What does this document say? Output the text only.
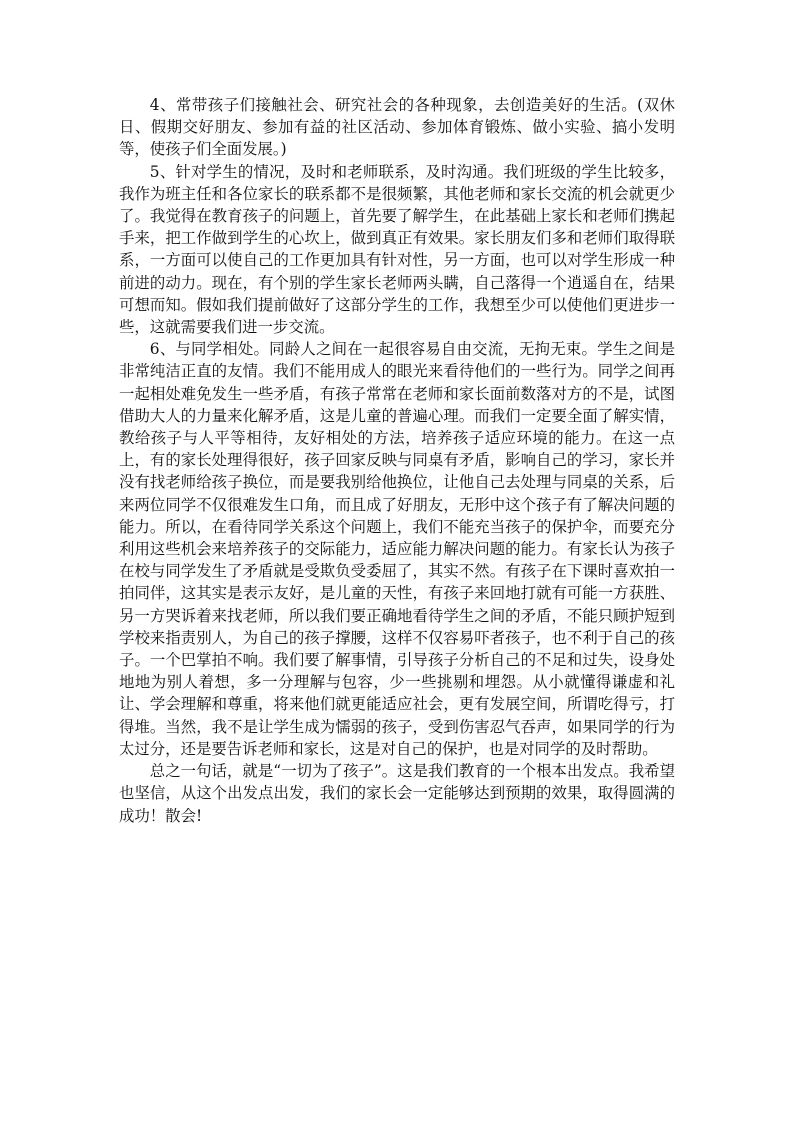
4、常带孩子们接触社会、研究社会的各种现象，去创造美好的生活。(双休日、假期交好朋友、参加有益的社区活动、参加体育锻炼、做小实验、搞小发明等，使孩子们全面发展。)

5、针对学生的情况，及时和老师联系，及时沟通。我们班级的学生比较多，我作为班主任和各位家长的联系都不是很频繁，其他老师和家长交流的机会就更少了。我觉得在教育孩子的问题上，首先要了解学生，在此基础上家长和老师们携起手来，把工作做到学生的心坎上，做到真正有效果。家长朋友们多和老师们取得联系，一方面可以使自己的工作更加具有针对性，另一方面，也可以对学生形成一种前进的动力。现在，有个别的学生家长老师两头瞒，自己落得一个逍遥自在，结果可想而知。假如我们提前做好了这部分学生的工作，我想至少可以使他们更进步一些，这就需要我们进一步交流。

6、与同学相处。同龄人之间在一起很容易自由交流，无拘无束。学生之间是非常纯洁正直的友情。我们不能用成人的眼光来看待他们的一些行为。同学之间再一起相处难免发生一些矛盾，有孩子常常在老师和家长面前数落对方的不是，试图借助大人的力量来化解矛盾，这是儿童的普遍心理。而我们一定要全面了解实情，教给孩子与人平等相待，友好相处的方法，培养孩子适应环境的能力。在这一点上，有的家长处理得很好，孩子回家反映与同桌有矛盾，影响自己的学习，家长并没有找老师给孩子换位，而是要我别给他换位，让他自己去处理与同桌的关系，后来两位同学不仅很难发生口角，而且成了好朋友，无形中这个孩子有了解决问题的能力。所以，在看待同学关系这个问题上，我们不能充当孩子的保护伞，而要充分利用这些机会来培养孩子的交际能力，适应能力解决问题的能力。有家长认为孩子在校与同学发生了矛盾就是受欺负受委屈了，其实不然。有孩子在下课时喜欢拍一拍同伴，这其实是表示友好，是儿童的天性，有孩子来回地打就有可能一方获胜、另一方哭诉着来找老师，所以我们要正确地看待学生之间的矛盾，不能只顾护短到学校来指责别人，为自己的孩子撑腰，这样不仅容易吓者孩子，也不利于自己的孩子。一个巴掌拍不响。我们要了解事情，引导孩子分析自己的不足和过失，设身处地地为别人着想，多一分理解与包容，少一些挑剔和埋怨。从小就懂得谦虚和礼让、学会理解和尊重，将来他们就更能适应社会，更有发展空间，所谓吃得亏，打得堆。当然，我不是让学生成为懦弱的孩子，受到伤害忍气吞声，如果同学的行为太过分，还是要告诉老师和家长，这是对自己的保护，也是对同学的及时帮助。

总之一句话，就是“一切为了孩子”。这是我们教育的一个根本出发点。我希望也坚信，从这个出发点出发，我们的家长会一定能够达到预期的效果，取得圆满的成功！散会!
